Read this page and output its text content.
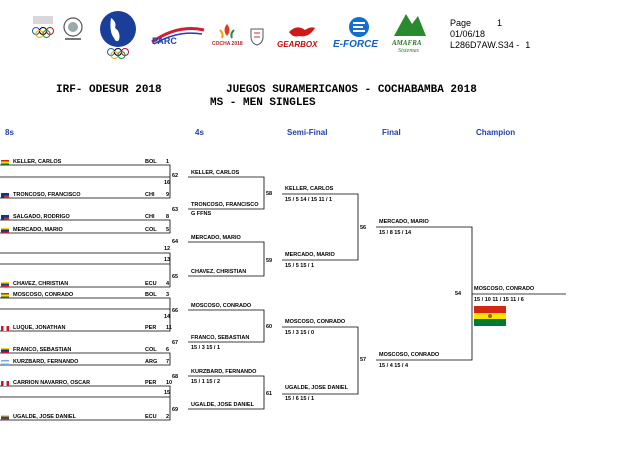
PARC	COCHA 2018	GEARBOX E-FORCE AMAFRA
Sistemas
Page	1
01/06/18
L286D7AW.S34 - 1
IRF- ODESUR 2018	JUEGOS SURAMERICANOS - COCHABAMBA 2018
MS - MEN SINGLES
8s	4s	Semi-Final	Final	Champion
KELLER, CARLOS	BOL 1
TRONCOSO, FRANCISCO	CHI 9
SALGADO, RODRIGO	CHI 8
MERCADO, MARIO	COL 5
CHAVEZ, CHRISTIAN	ECU 4
MOSCOSO, CONRADO	BOL 3
LUQUE, JONATHAN	PER 11
FRANCO, SEBASTIAN	COL 6
KURZBARD, FERNANDO	ARG 7
CARRION NAVARRO, OSCAR	PER 10
UGALDE, JOSE DANIEL	ECU 2
62
16
KELLER, CARLOS
63
TRONCOSO, FRANCISCO
G FFNS
64
12
MERCADO, MARIO
65
13
CHAVEZ, CHRISTIAN
66
14
MOSCOSO, CONRADO
67
FRANCO, SEBASTIAN
15 / 3 15 / 1
68
KURZBARD, FERNANDO
15 / 1 15 / 2
69
15
UGALDE, JOSE DANIEL
58
KELLER, CARLOS
15 / 5 14 / 15 11 / 1
59
MERCADO, MARIO
15 / 5 15 / 1
60
MOSCOSO, CONRADO
15 / 3 15 / 0
61
UGALDE, JOSE DANIEL
15 / 6 15 / 1
56
MERCADO, MARIO
15 / 8 15 / 14
57
MOSCOSO, CONRADO
15 / 4 15 / 4
54
MOSCOSO, CONRADO
15 / 10 11 / 15 11 / 6
